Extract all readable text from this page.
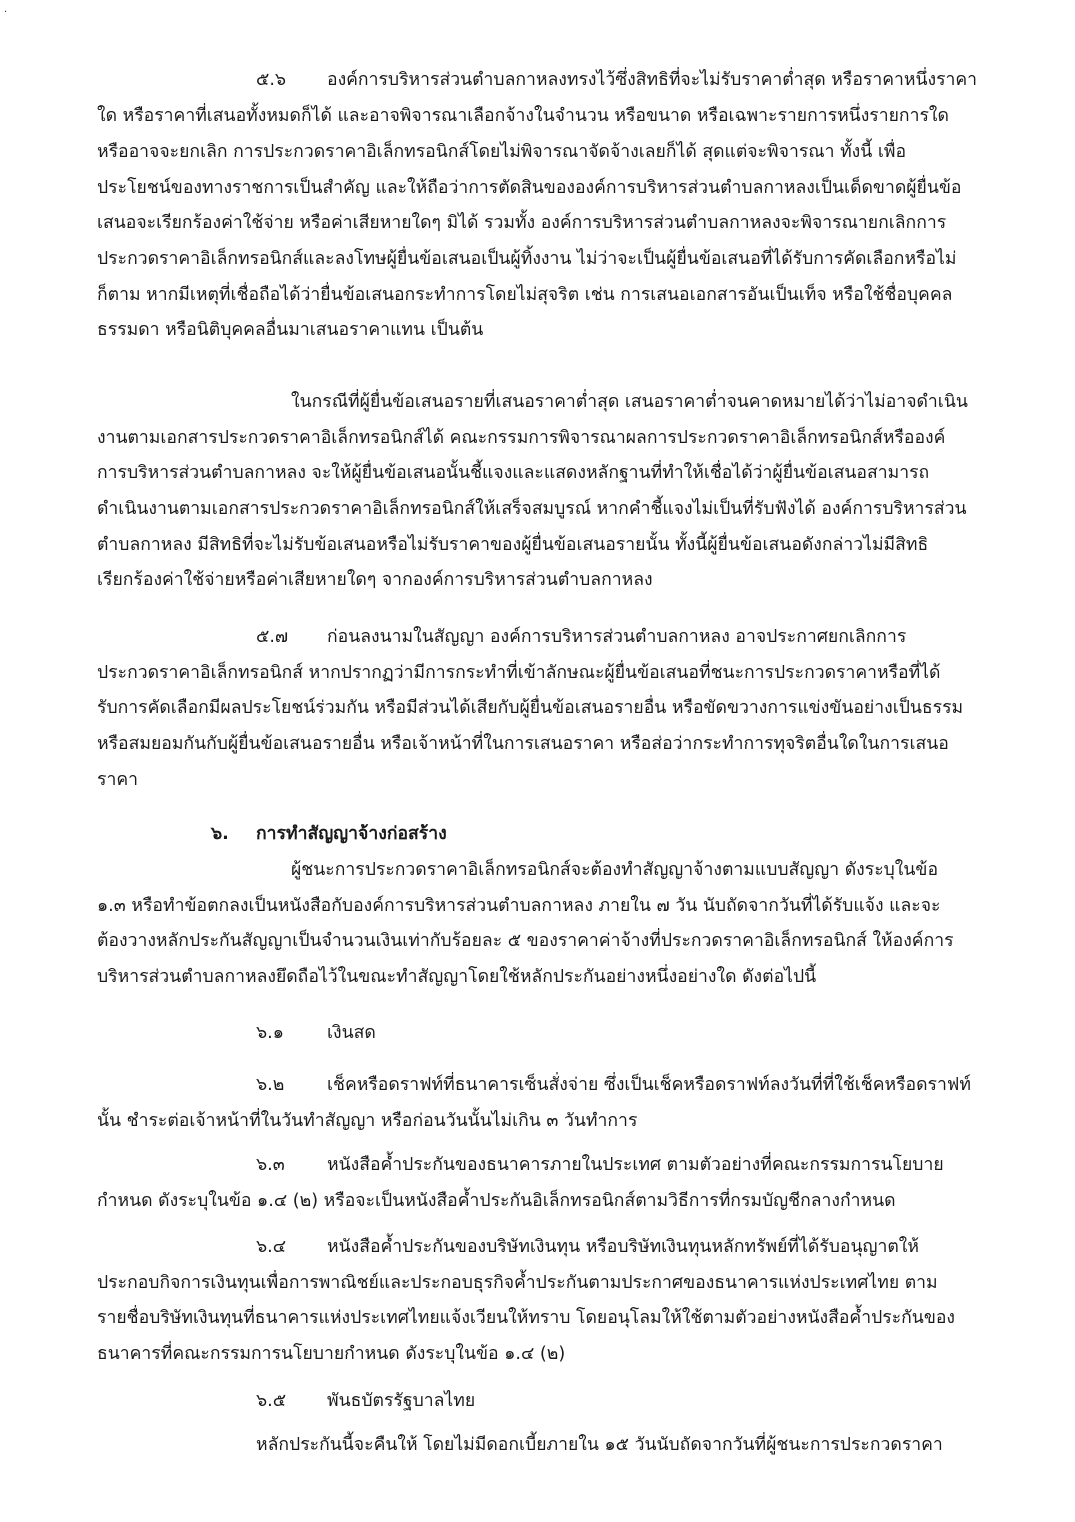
·
๕.๖ องค์การบริหารส่วนตำบลกาหลงทรงไว้ซึ่งสิทธิที่จะไม่รับราคาต่ำสุด หรือราคาหนึ่งราคา
ใด หรือราคาที่เสนอทั้งหมดก็ได้ และอาจพิจารณาเลือกจ้างในจำนวน หรือขนาด หรือเฉพาะรายการหนึ่งรายการใด
หรืออาจจะยกเลิก การประกวดราคาอิเล็กทรอนิกส์โดยไม่พิจารณาจัดจ้างเลยก็ได้ สุดแต่จะพิจารณา ทั้งนี้ เพื่อ
ประโยชน์ของทางราชการเป็นสำคัญ และให้ถือว่าการตัดสินขององค์การบริหารส่วนตำบลกาหลงเป็นเด็ดขาดผู้ยื่นข้อ
เสนอจะเรียกร้องค่าใช้จ่าย หรือค่าเสียหายใดๆ มิได้ รวมทั้ง องค์การบริหารส่วนตำบลกาหลงจะพิจารณายกเลิกการ
ประกวดราคาอิเล็กทรอนิกส์และลงโทษผู้ยื่นข้อเสนอเป็นผู้ทิ้งงาน ไม่ว่าจะเป็นผู้ยื่นข้อเสนอที่ได้รับการคัดเลือกหรือไม่
ก็ตาม หากมีเหตุที่เชื่อถือได้ว่ายื่นข้อเสนอกระทำการโดยไม่สุจริต เช่น การเสนอเอกสารอันเป็นเท็จ หรือใช้ชื่อบุคคล
ธรรมดา หรือนิติบุคคลอื่นมาเสนอราคาแทน เป็นต้น
ในกรณีที่ผู้ยื่นข้อเสนอรายที่เสนอราคาต่ำสุด เสนอราคาต่ำจนคาดหมายได้ว่าไม่อาจดำเนิน
งานตามเอกสารประกวดราคาอิเล็กทรอนิกส์ได้ คณะกรรมการพิจารณาผลการประกวดราคาอิเล็กทรอนิกส์หรือองค์
การบริหารส่วนตำบลกาหลง จะให้ผู้ยื่นข้อเสนอนั้นชี้แจงและแสดงหลักฐานที่ทำให้เชื่อได้ว่าผู้ยื่นข้อเสนอสามารถ
ดำเนินงานตามเอกสารประกวดราคาอิเล็กทรอนิกส์ให้เสร็จสมบูรณ์ หากคำชี้แจงไม่เป็นที่รับฟังได้ องค์การบริหารส่วน
ตำบลกาหลง มีสิทธิที่จะไม่รับข้อเสนอหรือไม่รับราคาของผู้ยื่นข้อเสนอรายนั้น ทั้งนี้ผู้ยื่นข้อเสนอดังกล่าวไม่มีสิทธิ
เรียกร้องค่าใช้จ่ายหรือค่าเสียหายใดๆ จากองค์การบริหารส่วนตำบลกาหลง
๕.๗ ก่อนลงนามในสัญญา องค์การบริหารส่วนตำบลกาหลง อาจประกาศยกเลิกการ
ประกวดราคาอิเล็กทรอนิกส์ หากปรากฏว่ามีการกระทำที่เข้าลักษณะผู้ยื่นข้อเสนอที่ชนะการประกวดราคาหรือที่ได้
รับการคัดเลือกมีผลประโยชน์ร่วมกัน หรือมีส่วนได้เสียกับผู้ยื่นข้อเสนอรายอื่น หรือขัดขวางการแข่งขันอย่างเป็นธรรม
หรือสมยอมกันกับผู้ยื่นข้อเสนอรายอื่น หรือเจ้าหน้าที่ในการเสนอราคา หรือส่อว่ากระทำการทุจริตอื่นใดในการเสนอ
ราคา
๖. การทำสัญญาจ้างก่อสร้าง
ผู้ชนะการประกวดราคาอิเล็กทรอนิกส์จะต้องทำสัญญาจ้างตามแบบสัญญา ดังระบุในข้อ
๑.๓ หรือทำข้อตกลงเป็นหนังสือกับองค์การบริหารส่วนตำบลกาหลง ภายใน ๗ วัน นับถัดจากวันที่ได้รับแจ้ง และจะ
ต้องวางหลักประกันสัญญาเป็นจำนวนเงินเท่ากับร้อยละ ๕ ของราคาค่าจ้างที่ประกวดราคาอิเล็กทรอนิกส์ ให้องค์การ
บริหารส่วนตำบลกาหลงยึดถือไว้ในขณะทำสัญญาโดยใช้หลักประกันอย่างหนึ่งอย่างใด ดังต่อไปนี้
๖.๑ เงินสด
๖.๒ เช็คหรือดราฟท์ที่ธนาคารเซ็นสั่งจ่าย ซึ่งเป็นเช็คหรือดราฟท์ลงวันที่ที่ใช้เช็คหรือดราฟท์
นั้น ชำระต่อเจ้าหน้าที่ในวันทำสัญญา หรือก่อนวันนั้นไม่เกิน ๓ วันทำการ
๖.๓ หนังสือค้ำประกันของธนาคารภายในประเทศ ตามตัวอย่างที่คณะกรรมการนโยบาย
กำหนด ดังระบุในข้อ ๑.๔ (๒) หรือจะเป็นหนังสือค้ำประกันอิเล็กทรอนิกส์ตามวิธีการที่กรมบัญชีกลางกำหนด
๖.๔ หนังสือค้ำประกันของบริษัทเงินทุน หรือบริษัทเงินทุนหลักทรัพย์ที่ได้รับอนุญาตให้
ประกอบกิจการเงินทุนเพื่อการพาณิชย์และประกอบธุรกิจค้ำประกันตามประกาศของธนาคารแห่งประเทศไทย ตาม
รายชื่อบริษัทเงินทุนที่ธนาคารแห่งประเทศไทยแจ้งเวียนให้ทราบ โดยอนุโลมให้ใช้ตามตัวอย่างหนังสือค้ำประกันของ
ธนาคารที่คณะกรรมการนโยบายกำหนด ดังระบุในข้อ ๑.๔ (๒)
๖.๕ พันธบัตรรัฐบาลไทย
หลักประกันนี้จะคืนให้ โดยไม่มีดอกเบี้ยภายใน ๑๕ วันนับถัดจากวันที่ผู้ชนะการประกวดราคา
